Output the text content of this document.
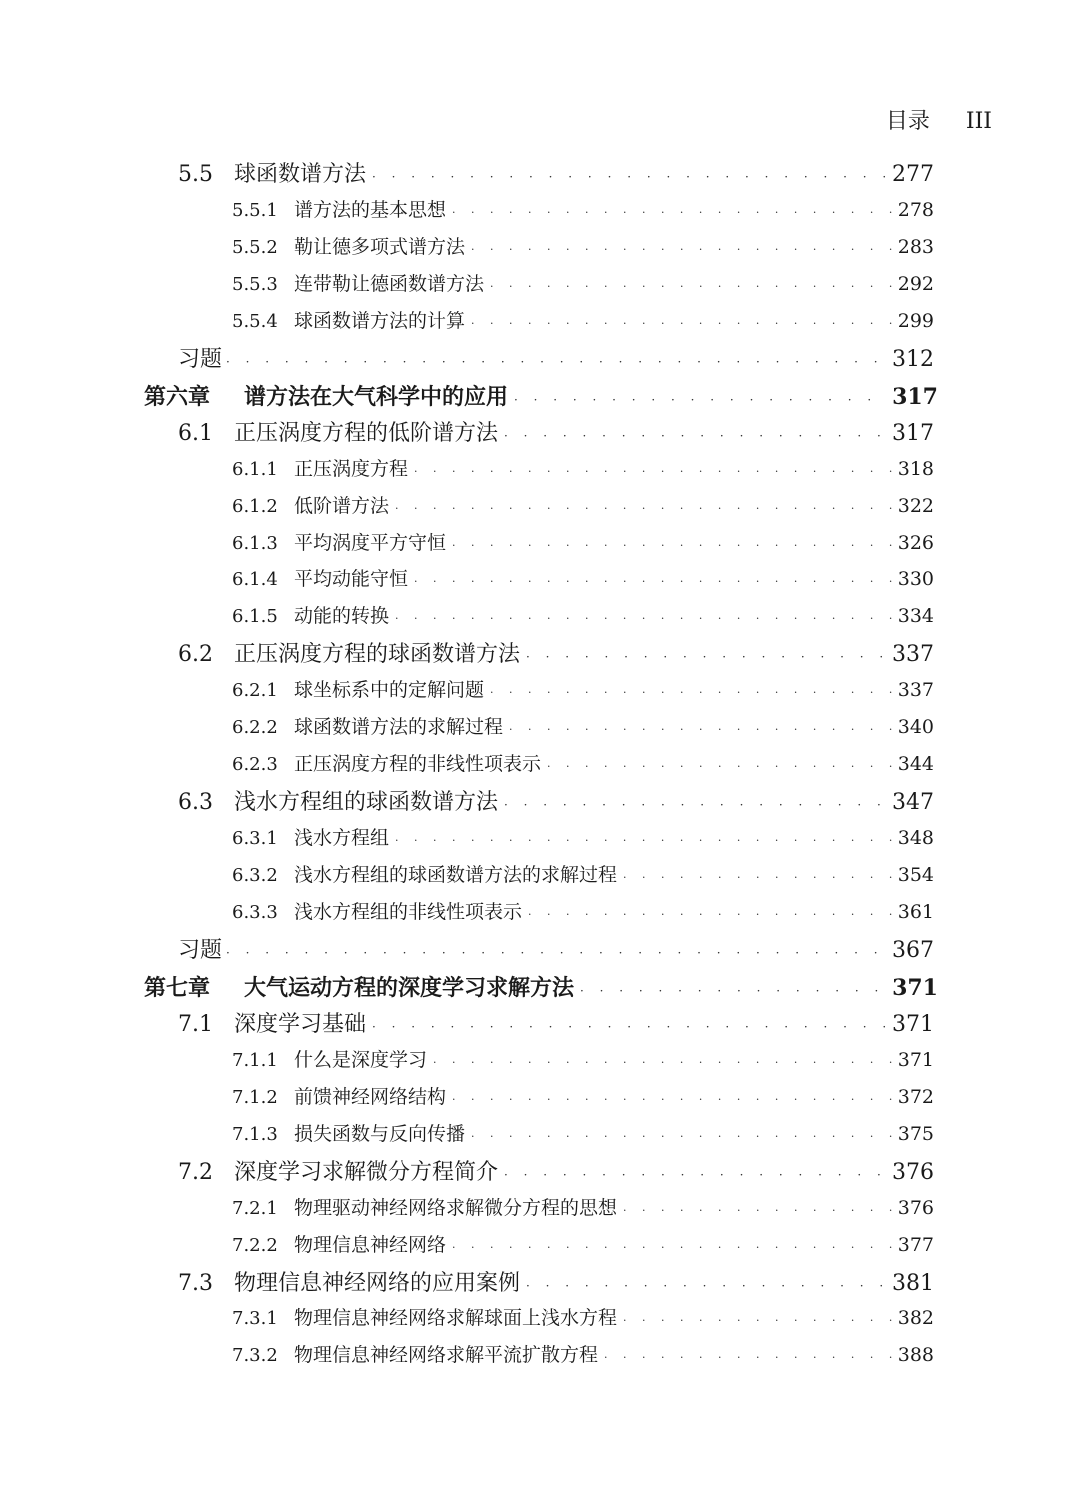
目录 III
5.5 球函数谱方法 · · ·	277
5.5.1 谱方法的基本思想 · · ·	278
5.5.2 勒让德多项式谱方法 · · ·	283
5.5.3 连带勒让德函数谱方法 · · ·	292
5.5.4 球函数谱方法的计算 · · ·	299
习题 · · ·	312
第六章	谱方法在大气科学中的应用 · · ·	317
6.1 正压涡度方程的低阶谱方法 · · ·	317
6.1.1 正压涡度方程 · · ·	318
6.1.2 低阶谱方法 · · ·	322
6.1.3 平均涡度平方守恒 · · ·	326
6.1.4 平均动能守恒 · · ·	330
6.1.5 动能的转换 · · ·	334
6.2 正压涡度方程的球函数谱方法 · · ·	337
6.2.1 球坐标系中的定解问题 · · ·	337
6.2.2 球函数谱方法的求解过程 · · ·	340
6.2.3 正压涡度方程的非线性项表示 · · ·	344
6.3 浅水方程组的球函数谱方法 · · ·	347
6.3.1 浅水方程组 · · ·	348
6.3.2 浅水方程组的球函数谱方法的求解过程 · · ·	354
6.3.3 浅水方程组的非线性项表示 · · ·	361
习题 · · ·	367
第七章	大气运动方程的深度学习求解方法 · · ·	371
7.1 深度学习基础 · · ·	371
7.1.1 什么是深度学习 · · ·	371
7.1.2 前馈神经网络结构 · · ·	372
7.1.3 损失函数与反向传播 · · ·	375
7.2 深度学习求解微分方程简介 · · ·	376
7.2.1 物理驱动神经网络求解微分方程的思想 · · ·	376
7.2.2 物理信息神经网络 · · ·	377
7.3 物理信息神经网络的应用案例 · · ·	381
7.3.1 物理信息神经网络求解球面上浅水方程 · · ·	382
7.3.2 物理信息神经网络求解平流扩散方程 · · ·	388
